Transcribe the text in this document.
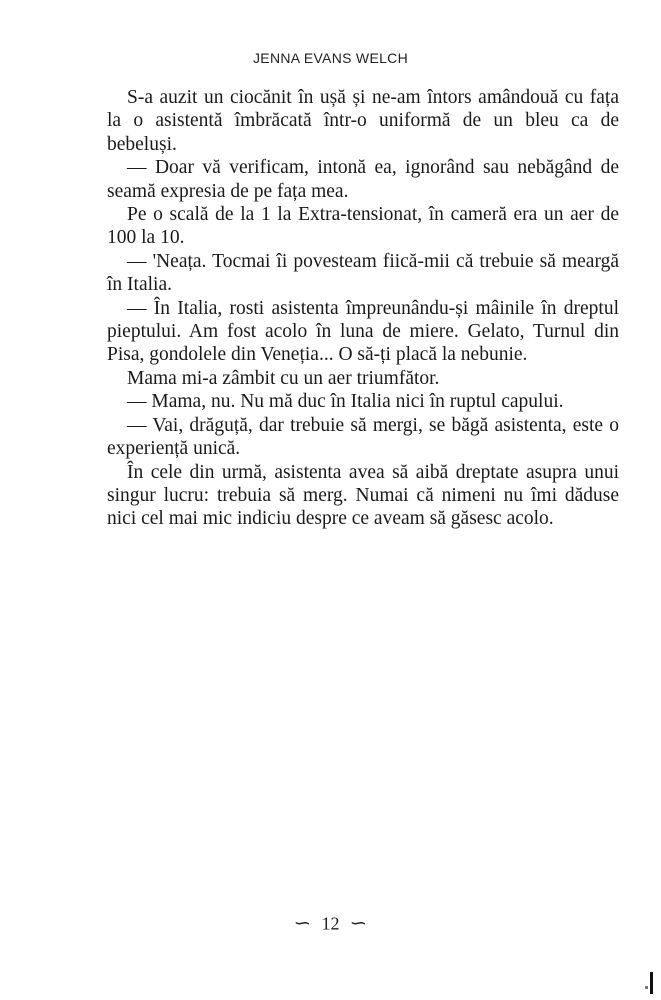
JENNA EVANS WELCH

S-a auzit un ciocănit în ușă și ne-am întors amândouă cu fața la o asistentă îmbrăcată într-o uniformă de un bleu ca de bebeluși.

— Doar vă verificam, intonă ea, ignorând sau nebăgând de seamă expresia de pe fața mea.

Pe o scală de la 1 la Extra-tensionat, în cameră era un aer de 100 la 10.

— 'Neața. Tocmai îi povesteam fiică-mii că trebuie să meargă în Italia.

— În Italia, rosti asistenta împreunându-și mâinile în dreptul pieptului. Am fost acolo în luna de miere. Gelato, Turnul din Pisa, gondolele din Veneția... O să-ți placă la nebunie.

Mama mi-a zâmbit cu un aer triumfător.

— Mama, nu. Nu mă duc în Italia nici în ruptul capului.

— Vai, drăguță, dar trebuie să mergi, se băgă asistenta, este o experiență unică.

În cele din urmă, asistenta avea să aibă dreptate asupra unui singur lucru: trebuia să merg. Numai că nimeni nu îmi dăduse nici cel mai mic indiciu despre ce aveam să găsesc acolo.

∽ 12 ∽
